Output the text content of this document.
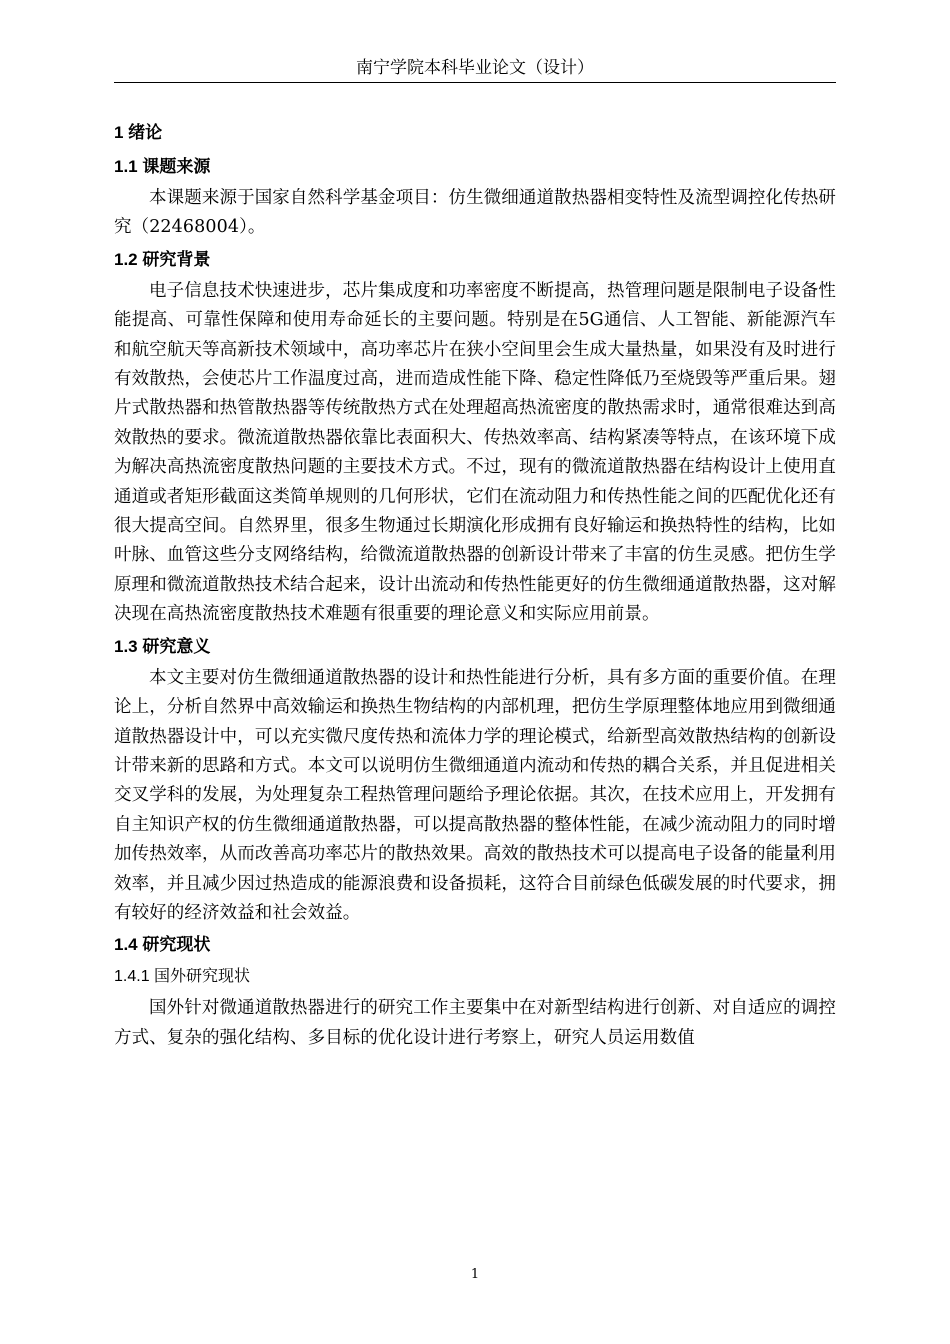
南宁学院本科毕业论文（设计）
1 绪论
1.1 课题来源

本课题来源于国家自然科学基金项目：仿生微细通道散热器相变特性及流型调控化传热研究（22468004）。

1.2 研究背景

电子信息技术快速进步，芯片集成度和功率密度不断提高，热管理问题是限制电子设备性能提高、可靠性保障和使用寿命延长的主要问题。特别是在5G通信、人工智能、新能源汽车和航空航天等高新技术领域中，高功率芯片在狭小空间里会生成大量热量，如果没有及时进行有效散热，会使芯片工作温度过高，进而造成性能下降、稳定性降低乃至烧毁等严重后果。翅片式散热器和热管散热器等传统散热方式在处理超高热流密度的散热需求时，通常很难达到高效散热的要求。微流道散热器依靠比表面积大、传热效率高、结构紧凑等特点，在该环境下成为解决高热流密度散热问题的主要技术方式。不过，现有的微流道散热器在结构设计上使用直通道或者矩形截面这类简单规则的几何形状，它们在流动阻力和传热性能之间的匹配优化还有很大提高空间。自然界里，很多生物通过长期演化形成拥有良好输运和换热特性的结构，比如叶脉、血管这些分支网络结构，给微流道散热器的创新设计带来了丰富的仿生灵感。把仿生学原理和微流道散热技术结合起来，设计出流动和传热性能更好的仿生微细通道散热器，这对解决现在高热流密度散热技术难题有很重要的理论意义和实际应用前景。

1.3 研究意义

本文主要对仿生微细通道散热器的设计和热性能进行分析，具有多方面的重要价值。在理论上，分析自然界中高效输运和换热生物结构的内部机理，把仿生学原理整体地应用到微细通道散热器设计中，可以充实微尺度传热和流体力学的理论模式，给新型高效散热结构的创新设计带来新的思路和方式。本文可以说明仿生微细通道内流动和传热的耦合关系，并且促进相关交叉学科的发展，为处理复杂工程热管理问题给予理论依据。其次，在技术应用上，开发拥有自主知识产权的仿生微细通道散热器，可以提高散热器的整体性能，在减少流动阻力的同时增加传热效率，从而改善高功率芯片的散热效果。高效的散热技术可以提高电子设备的能量利用效率，并且减少因过热造成的能源浪费和设备损耗，这符合目前绿色低碳发展的时代要求，拥有较好的经济效益和社会效益。

1.4 研究现状
1.4.1 国外研究现状

国外针对微通道散热器进行的研究工作主要集中在对新型结构进行创新、对自适应的调控方式、复杂的强化结构、多目标的优化设计进行考察上，研究人员运用数值

1
